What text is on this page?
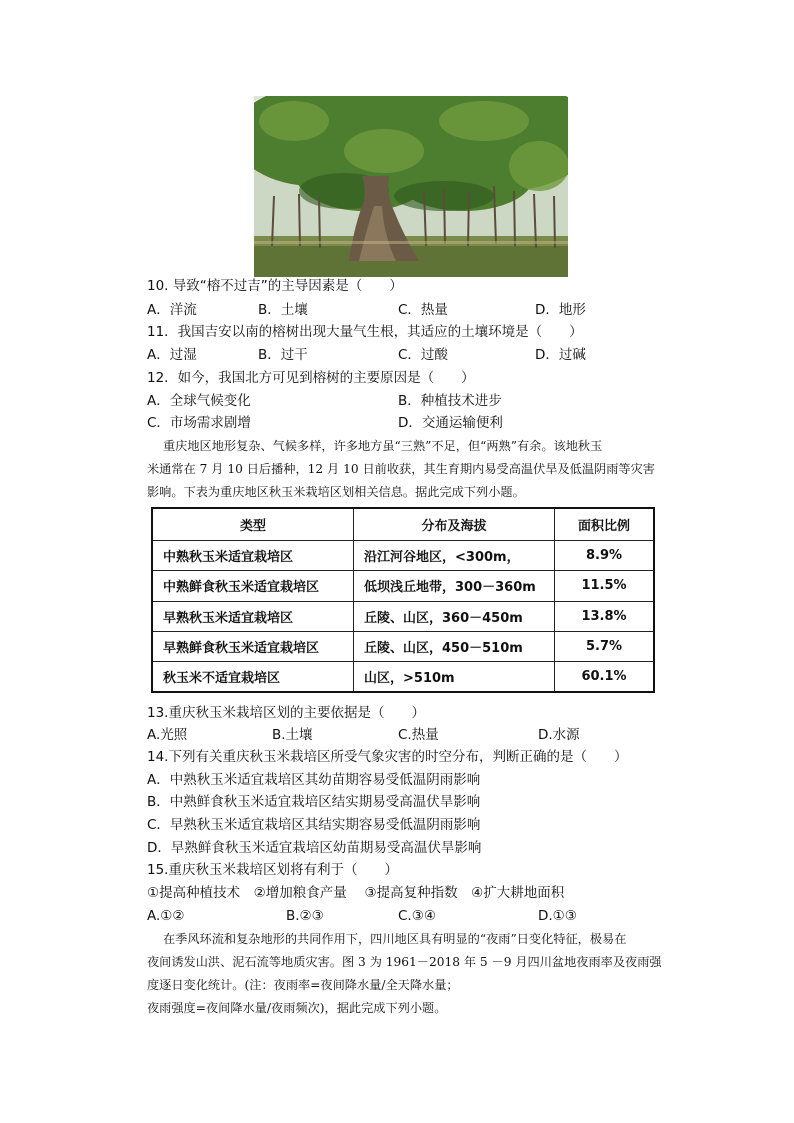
10. 导致“榕不过吉”的主导因素是（　　）
A．洋流	B．土壤	C．热量	D．地形
11．我国吉安以南的榕树出现大量气生根，其适应的土壤环境是（　　）
A．过湿	B．过干	C．过酸	D．过碱
12．如今，我国北方可见到榕树的主要原因是（　　）
A．全球气候变化	B．种植技术进步
C．市场需求剧增	D．交通运输便利
重庆地区地形复杂、气候多样，许多地方虽“三熟”不足，但“两熟”有余。该地秋玉
米通常在 7 月 10 日后播种，12 月 10 日前收获，其生育期内易受高温伏旱及低温阴雨等灾害
影响。下表为重庆地区秋玉米栽培区划相关信息。据此完成下列小题。
类型	分布及海拔	面积比例
中熟秋玉米适宜栽培区	沿江河谷地区，<300m，	8.9%
中熟鲜食秋玉米适宜栽培区	低坝浅丘地带，300－360m	11.5%
早熟秋玉米适宜栽培区	丘陵、山区，360－450m	13.8%
早熟鲜食秋玉米适宜栽培区	丘陵、山区，450－510m	5.7%
秋玉米不适宜栽培区	山区，>510m	60.1%
13.重庆秋玉米栽培区划的主要依据是（　　）
A.光照	B.土壤	C.热量	D.水源
14.下列有关重庆秋玉米栽培区所受气象灾害的时空分布，判断正确的是（　　）
A．中熟秋玉米适宜栽培区其幼苗期容易受低温阴雨影响
B．中熟鲜食秋玉米适宜栽培区结实期易受高温伏旱影响
C．早熟秋玉米适宜栽培区其结实期容易受低温阴雨影响
D．早熟鲜食秋玉米适宜栽培区幼苗期易受高温伏旱影响
15.重庆秋玉米栽培区划将有利于（　　）
①提高种植技术　②增加粮食产量　 ③提高复种指数　④扩大耕地面积
A.①②	B.②③	C.③④	D.①③
在季风环流和复杂地形的共同作用下，四川地区具有明显的“夜雨”日变化特征，极易在
夜间诱发山洪、泥石流等地质灾害。图 3 为 1961－2018 年 5 －9 月四川盆地夜雨率及夜雨强
度逐日变化统计。(注：夜雨率=夜间降水量/全天降水量；
夜雨强度=夜间降水量/夜雨频次)，据此完成下列小题。
